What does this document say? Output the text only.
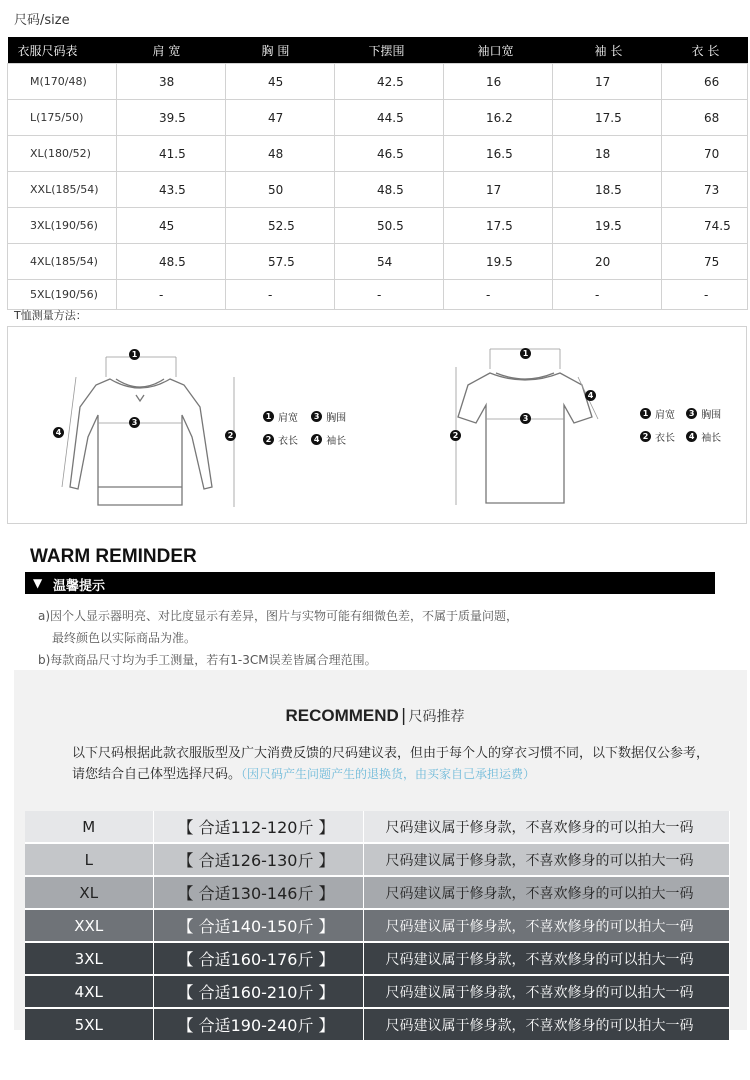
尺码/size
衣服尺码表	肩 宽	胸 围	下摆围	袖口宽	袖 长	衣 长
M(170/48)	38	45	42.5	16	17	66
L(175/50)	39.5	47	44.5	16.2	17.5	68
XL(180/52)	41.5	48	46.5	16.5	18	70
XXL(185/54)	43.5	50	48.5	17	18.5	73
3XL(190/56)	45	52.5	50.5	17.5	19.5	74.5
4XL(185/54)	48.5	57.5	54	19.5	20	75
5XL(190/56)	-	-	-	-	-	-
T恤测量方法：
1
2
3
4
1 肩宽 3 胸围
2 衣长 4 袖长
1
2
3
4
1 肩宽 3 胸围
2 衣长 4 袖长
WARM REMINDER
▼ 温馨提示
a)因个人显示器明亮、对比度显示有差异，图片与实物可能有细微色差，不属于质量问题，
最终颜色以实际商品为准。
b)每款商品尺寸均为手工测量，若有1-3CM误差皆属合理范围。
RECOMMEND | 尺码推荐
以下尺码根据此款衣服版型及广大消费反馈的尺码建议表，但由于每个人的穿衣习惯不同，以下数据仅公参考，请您结合自己体型选择尺码。（因尺码产生问题产生的退换货，由买家自己承担运费）
M	【 合适112-120斤 】	尺码建议属于修身款，不喜欢修身的可以拍大一码
L	【 合适126-130斤 】	尺码建议属于修身款，不喜欢修身的可以拍大一码
XL	【 合适130-146斤 】	尺码建议属于修身款，不喜欢修身的可以拍大一码
XXL	【 合适140-150斤 】	尺码建议属于修身款，不喜欢修身的可以拍大一码
3XL	【 合适160-176斤 】	尺码建议属于修身款，不喜欢修身的可以拍大一码
4XL	【 合适160-210斤 】	尺码建议属于修身款，不喜欢修身的可以拍大一码
5XL	【 合适190-240斤 】	尺码建议属于修身款，不喜欢修身的可以拍大一码
